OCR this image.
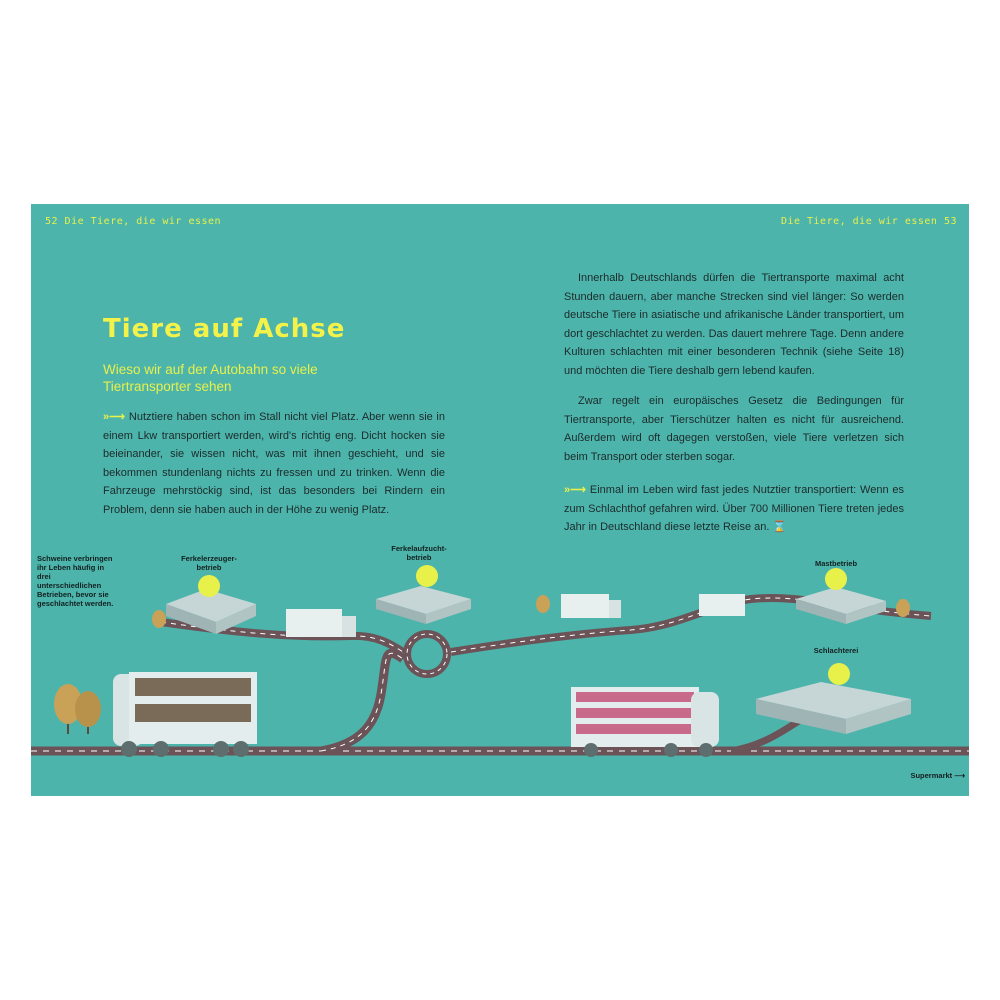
52 Die Tiere, die wir essen	Die Tiere, die wir essen 53
Tiere auf Achse
Wieso wir auf der Autobahn so viele Tiertransporter sehen
»⟶ Nutztiere haben schon im Stall nicht viel Platz. Aber wenn sie in einem Lkw transportiert werden, wird's richtig eng. Dicht hocken sie beieinander, sie wissen nicht, was mit ihnen geschieht, und sie bekommen stundenlang nichts zu fressen und zu trinken. Wenn die Fahrzeuge mehrstöckig sind, ist das besonders bei Rindern ein Problem, denn sie haben auch in der Höhe zu wenig Platz.
Innerhalb Deutschlands dürfen die Tiertransporte maximal acht Stunden dauern, aber manche Strecken sind viel länger: So werden deutsche Tiere in asiatische und afrikanische Länder transportiert, um dort geschlachtet zu werden. Das dauert mehrere Tage. Denn andere Kulturen schlachten mit einer besonderen Technik (siehe Seite 18) und möchten die Tiere deshalb gern lebend kaufen.
Zwar regelt ein europäisches Gesetz die Bedingungen für Tiertransporte, aber Tierschützer halten es nicht für ausreichend. Außerdem wird oft dagegen verstoßen, viele Tiere verletzen sich beim Transport oder sterben sogar.
»⟶ Einmal im Leben wird fast jedes Nutztier transportiert: Wenn es zum Schlachthof gefahren wird. Über 700 Millionen Tiere treten jedes Jahr in Deutschland diese letzte Reise an. ⌛
Schweine verbringen ihr Leben häufig in drei unterschiedlichen Betrieben, bevor sie geschlachtet werden.
Ferkelerzeuger-betrieb
Ferkelaufzucht-betrieb
Mastbetrieb
Schlachterei
Supermarkt ⟶
